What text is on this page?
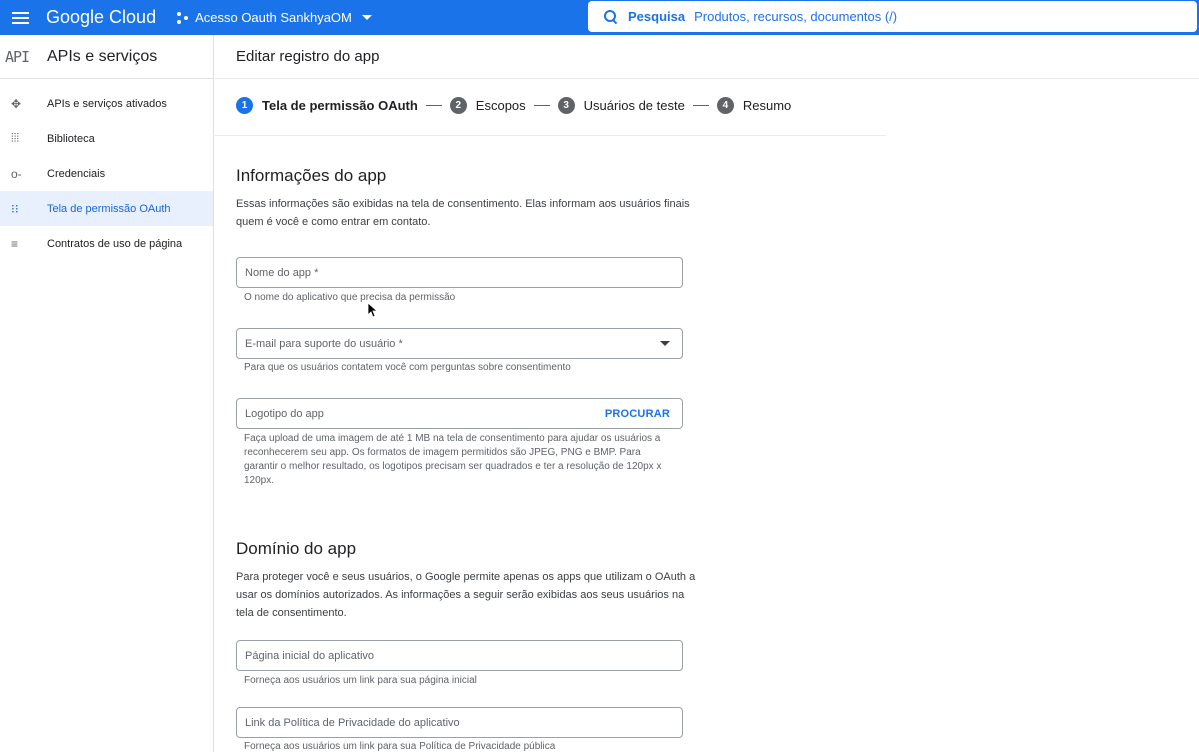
Google Cloud	Acesso Oauth SankhyaOM	Pesquisa Produtos, recursos, documentos (/)
API	APIs e serviços
✥	APIs e serviços ativados
⦙⦙⦙	Biblioteca
o‑	Credenciais
⁝⁝	Tela de permissão OAuth
≡	Contratos de uso de página
Editar registro do app
1	Tela de permissão OAuth	2	Escopos	3	Usuários de teste	4	Resumo
Informações do app

Essas informações são exibidas na tela de consentimento. Elas informam aos usuários finais quem é você e como entrar em contato.

Nome do app *

O nome do aplicativo que precisa da permissão

E-mail para suporte do usuário *

Para que os usuários contatem você com perguntas sobre consentimento

Logotipo do app	PROCURAR

Faça upload de uma imagem de até 1 MB na tela de consentimento para ajudar os usuários a reconhecerem seu app. Os formatos de imagem permitidos são JPEG, PNG e BMP. Para garantir o melhor resultado, os logotipos precisam ser quadrados e ter a resolução de 120px x 120px.

Domínio do app

Para proteger você e seus usuários, o Google permite apenas os apps que utilizam o OAuth a usar os domínios autorizados. As informações a seguir serão exibidas aos seus usuários na tela de consentimento.

Página inicial do aplicativo

Forneça aos usuários um link para sua página inicial

Link da Política de Privacidade do aplicativo

Forneça aos usuários um link para sua Política de Privacidade pública
